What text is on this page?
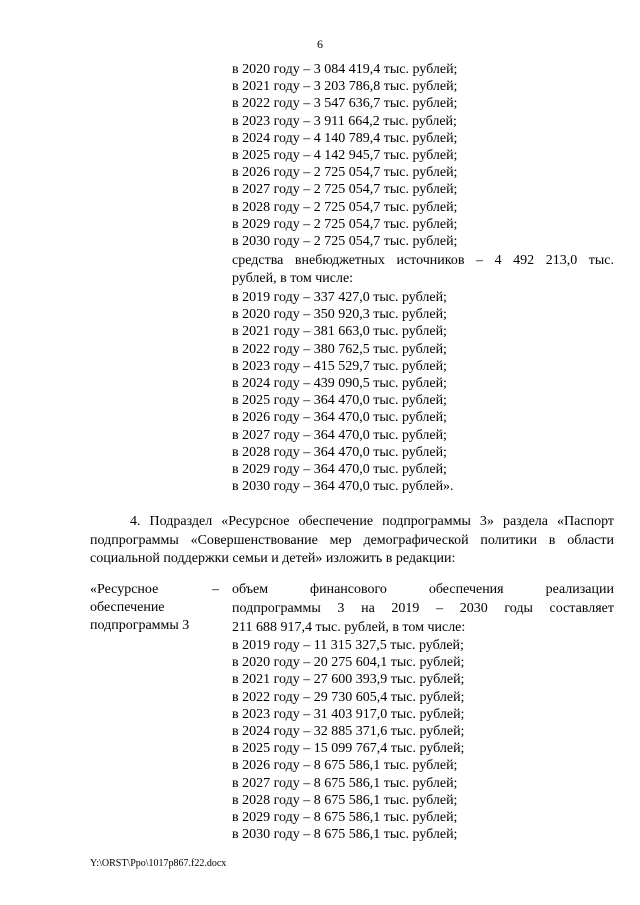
6
в 2020 году – 3 084 419,4 тыс. рублей;
в 2021 году – 3 203 786,8 тыс. рублей;
в 2022 году – 3 547 636,7 тыс. рублей;
в 2023 году – 3 911 664,2 тыс. рублей;
в 2024 году – 4 140 789,4 тыс. рублей;
в 2025 году – 4 142 945,7 тыс. рублей;
в 2026 году – 2 725 054,7 тыс. рублей;
в 2027 году – 2 725 054,7 тыс. рублей;
в 2028 году – 2 725 054,7 тыс. рублей;
в 2029 году – 2 725 054,7 тыс. рублей;
в 2030 году – 2 725 054,7 тыс. рублей;
средства внебюджетных источников – 4 492 213,0 тыс.
рублей, в том числе:
в 2019 году – 337 427,0 тыс. рублей;
в 2020 году – 350 920,3 тыс. рублей;
в 2021 году – 381 663,0 тыс. рублей;
в 2022 году – 380 762,5 тыс. рублей;
в 2023 году – 415 529,7 тыс. рублей;
в 2024 году – 439 090,5 тыс. рублей;
в 2025 году – 364 470,0 тыс. рублей;
в 2026 году – 364 470,0 тыс. рублей;
в 2027 году – 364 470,0 тыс. рублей;
в 2028 году – 364 470,0 тыс. рублей;
в 2029 году – 364 470,0 тыс. рублей;
в 2030 году – 364 470,0 тыс. рублей».
4. Подраздел «Ресурсное обеспечение подпрограммы 3» раздела «Паспорт
подпрограммы «Совершенствование мер демографической политики в области
социальной поддержки семьи и детей» изложить в редакции:
«Ресурсное
обеспечение
подпрограммы 3
– объем финансового обеспечения реализации
подпрограммы 3 на 2019 – 2030 годы составляет
211 688 917,4 тыс. рублей, в том числе:
в 2019 году – 11 315 327,5 тыс. рублей;
в 2020 году – 20 275 604,1 тыс. рублей;
в 2021 году – 27 600 393,9 тыс. рублей;
в 2022 году – 29 730 605,4 тыс. рублей;
в 2023 году – 31 403 917,0 тыс. рублей;
в 2024 году – 32 885 371,6 тыс. рублей;
в 2025 году – 15 099 767,4 тыс. рублей;
в 2026 году – 8 675 586,1 тыс. рублей;
в 2027 году – 8 675 586,1 тыс. рублей;
в 2028 году – 8 675 586,1 тыс. рублей;
в 2029 году – 8 675 586,1 тыс. рублей;
в 2030 году – 8 675 586,1 тыс. рублей;
Y:\ORST\Ppo\1017p867.f22.docx
